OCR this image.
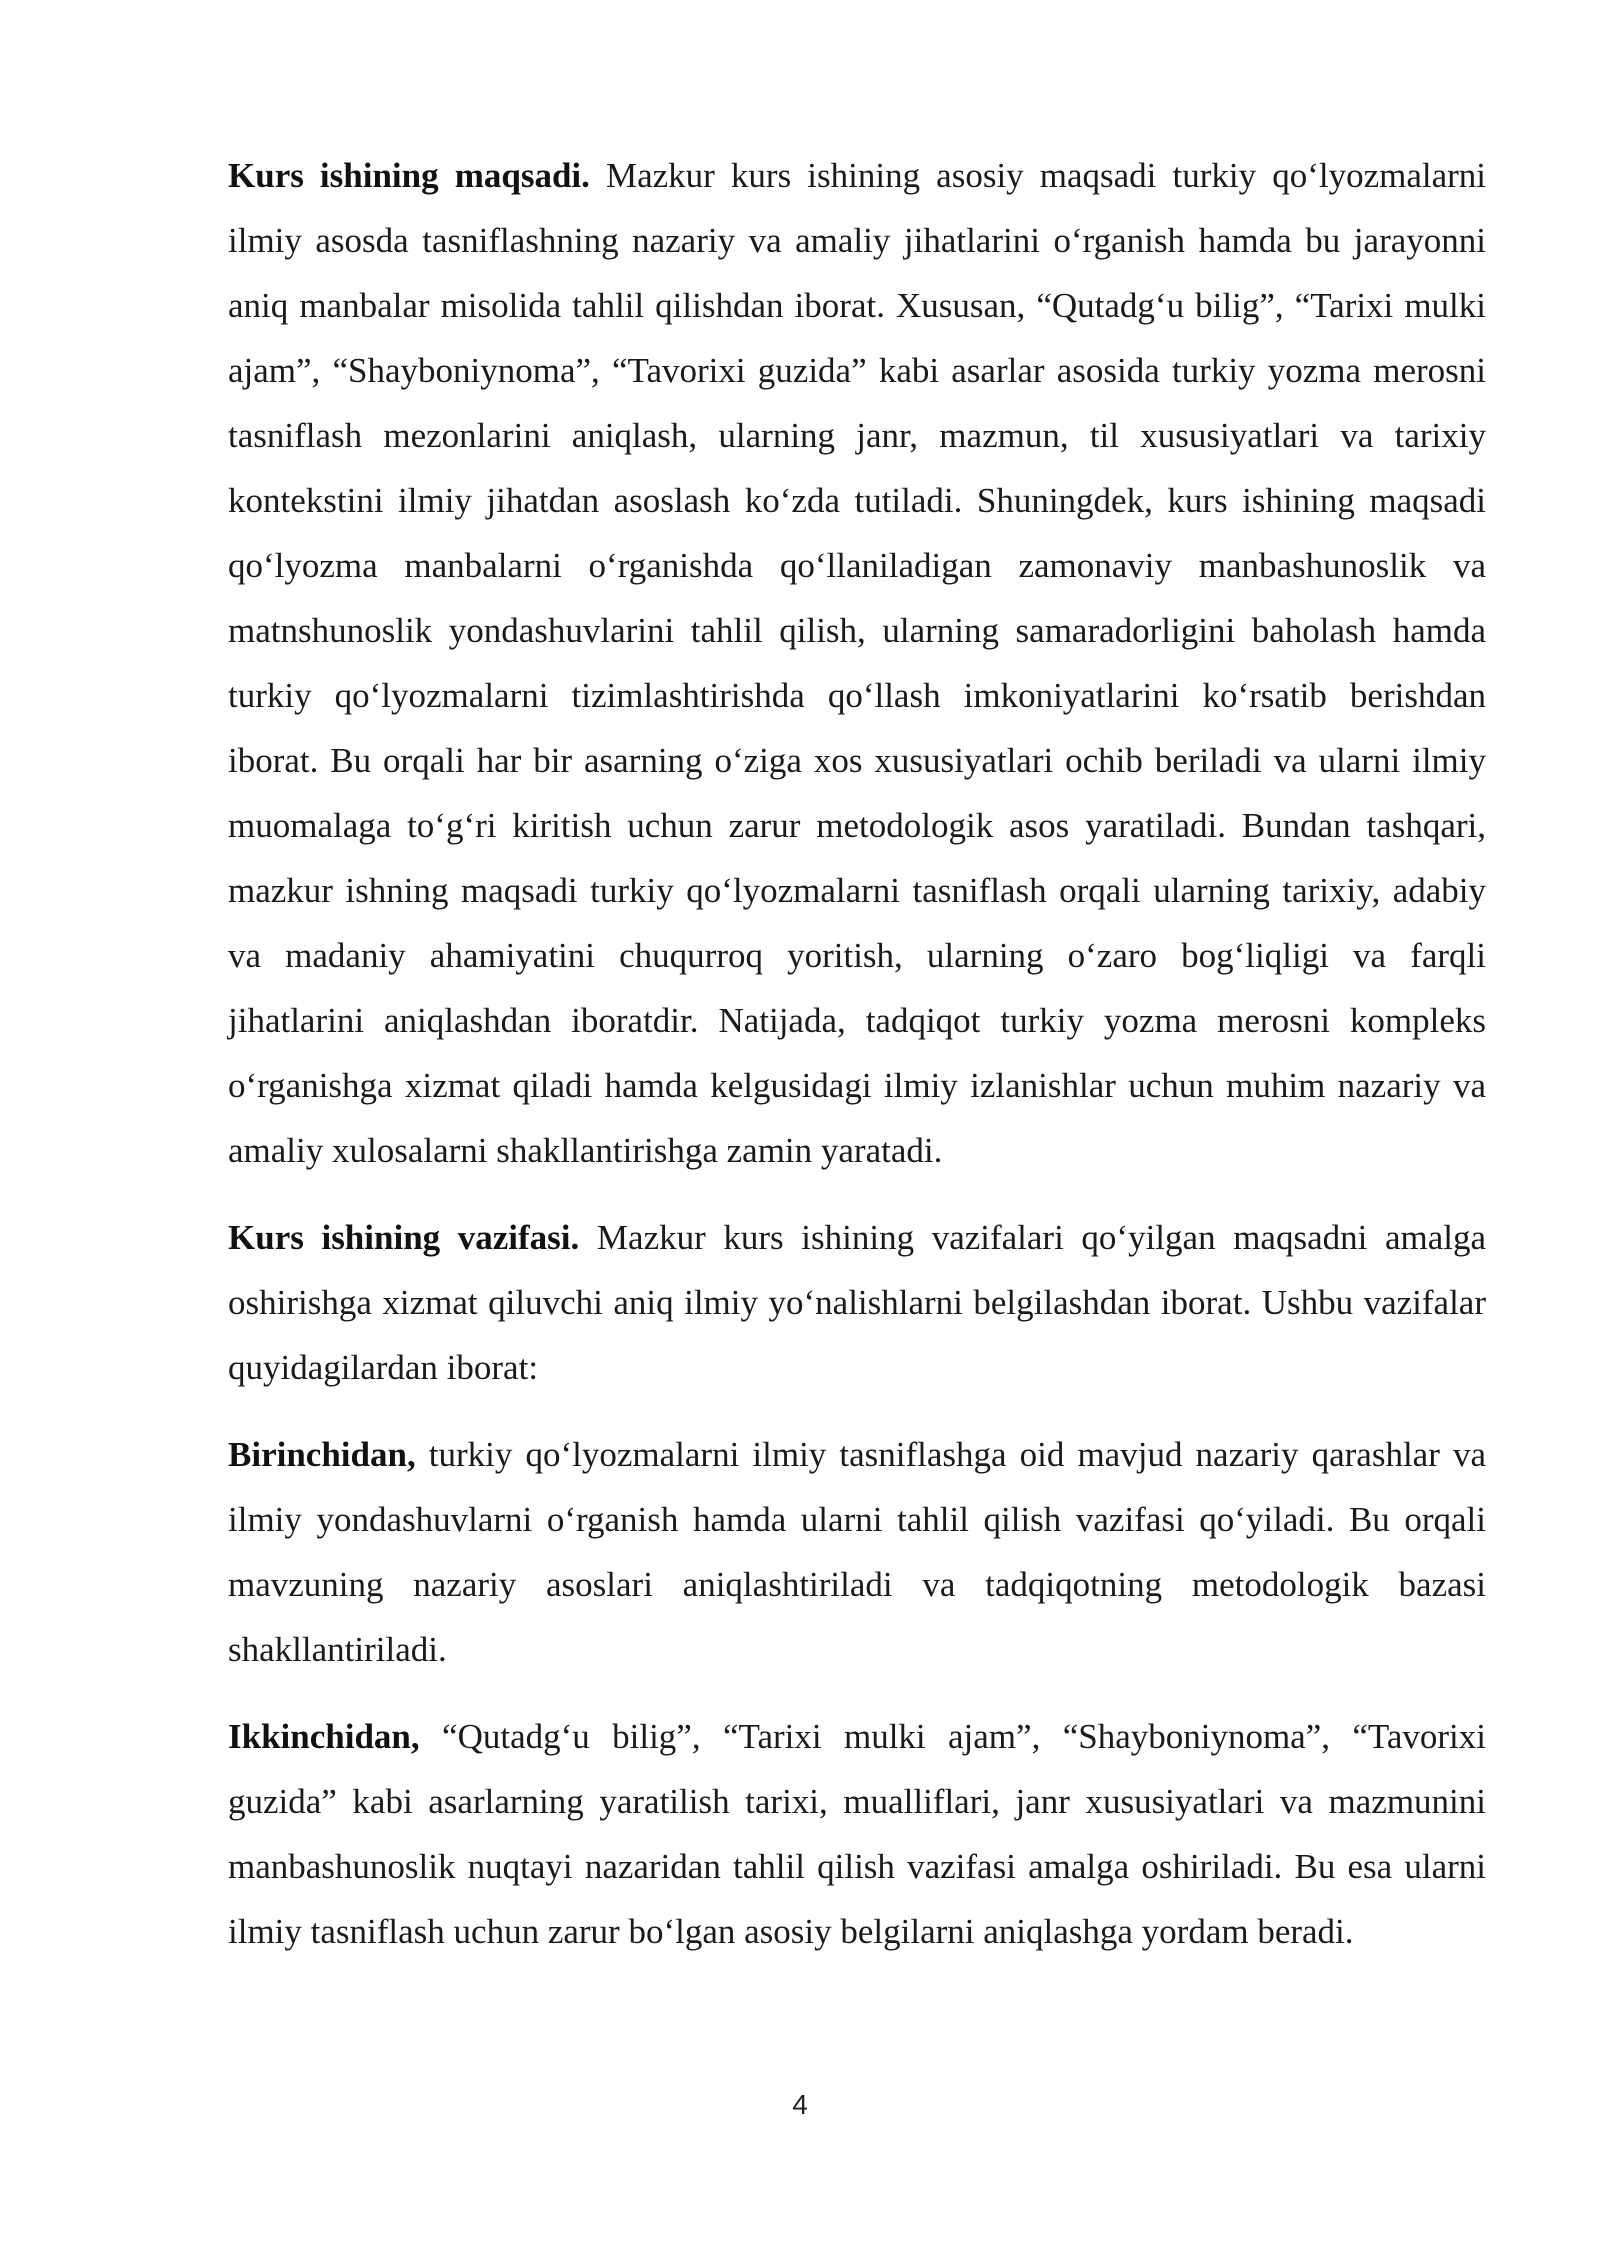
Kurs ishining maqsadi. Mazkur kurs ishining asosiy maqsadi turkiy qo‘lyozmalarni ilmiy asosda tasniflashning nazariy va amaliy jihatlarini o‘rganish hamda bu jarayonni aniq manbalar misolida tahlil qilishdan iborat. Xususan, “Qutadg‘u bilig”, “Tarixi mulki ajam”, “Shayboniynoma”, “Tavorixi guzida” kabi asarlar asosida turkiy yozma merosni tasniflash mezonlarini aniqlash, ularning janr, mazmun, til xususiyatlari va tarixiy kontekstini ilmiy jihatdan asoslash ko‘zda tutiladi. Shuningdek, kurs ishining maqsadi qo‘lyozma manbalarni o‘rganishda qo‘llaniladigan zamonaviy manbashunoslik va matnshunoslik yondashuvlarini tahlil qilish, ularning samaradorligini baholash hamda turkiy qo‘lyozmalarni tizimlashtirishda qo‘llash imkoniyatlarini ko‘rsatib berishdan iborat. Bu orqali har bir asarning o‘ziga xos xususiyatlari ochib beriladi va ularni ilmiy muomalaga to‘g‘ri kiritish uchun zarur metodologik asos yaratiladi. Bundan tashqari, mazkur ishning maqsadi turkiy qo‘lyozmalarni tasniflash orqali ularning tarixiy, adabiy va madaniy ahamiyatini chuqurroq yoritish, ularning o‘zaro bog‘liqligi va farqli jihatlarini aniqlashdan iboratdir. Natijada, tadqiqot turkiy yozma merosni kompleks o‘rganishga xizmat qiladi hamda kelgusidagi ilmiy izlanishlar uchun muhim nazariy va amaliy xulosalarni shakllantirishga zamin yaratadi.

Kurs ishining vazifasi. Mazkur kurs ishining vazifalari qo‘yilgan maqsadni amalga oshirishga xizmat qiluvchi aniq ilmiy yo‘nalishlarni belgilashdan iborat. Ushbu vazifalar quyidagilardan iborat:

Birinchidan, turkiy qo‘lyozmalarni ilmiy tasniflashga oid mavjud nazariy qarashlar va ilmiy yondashuvlarni o‘rganish hamda ularni tahlil qilish vazifasi qo‘yiladi. Bu orqali mavzuning nazariy asoslari aniqlashtiriladi va tadqiqotning metodologik bazasi shakllantiriladi.

Ikkinchidan, “Qutadg‘u bilig”, “Tarixi mulki ajam”, “Shayboniynoma”, “Tavorixi guzida” kabi asarlarning yaratilish tarixi, mualliflari, janr xususiyatlari va mazmunini manbashunoslik nuqtayi nazaridan tahlil qilish vazifasi amalga oshiriladi. Bu esa ularni ilmiy tasniflash uchun zarur bo‘lgan asosiy belgilarni aniqlashga yordam beradi.

4
